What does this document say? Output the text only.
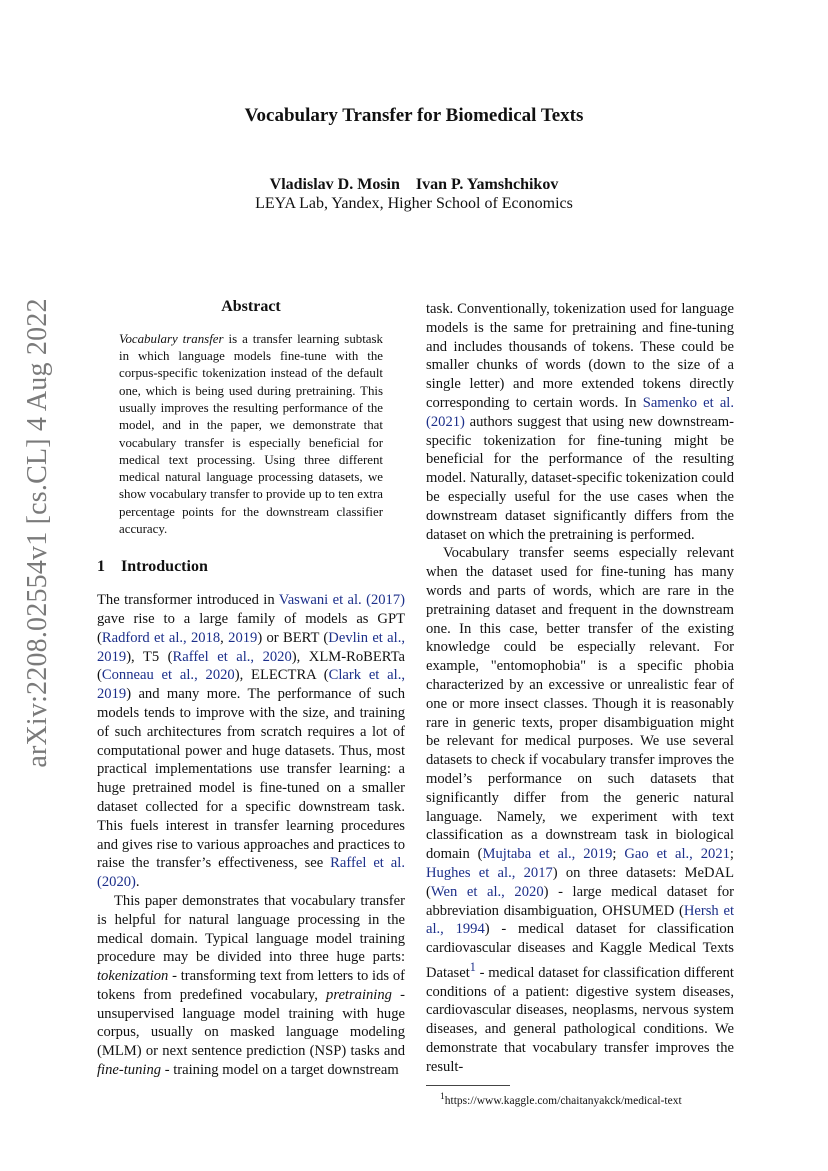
arXiv:2208.02554v1 [cs.CL] 4 Aug 2022
Vocabulary Transfer for Biomedical Texts
Vladislav D. Mosin Ivan P. Yamshchikov
LEYA Lab, Yandex, Higher School of Economics
Abstract

Vocabulary transfer is a transfer learning subtask in which language models fine-tune with the corpus-specific tokenization instead of the default one, which is being used during pretraining. This usually improves the resulting performance of the model, and in the paper, we demonstrate that vocabulary transfer is especially beneficial for medical text processing. Using three different medical natural language processing datasets, we show vocabulary transfer to provide up to ten extra percentage points for the downstream classifier accuracy.

1 Introduction

The transformer introduced in Vaswani et al. (2017) gave rise to a large family of models as GPT (Radford et al., 2018, 2019) or BERT (Devlin et al., 2019), T5 (Raffel et al., 2020), XLM-RoBERTa (Conneau et al., 2020), ELECTRA (Clark et al., 2019) and many more. The performance of such models tends to improve with the size, and training of such architectures from scratch requires a lot of computational power and huge datasets. Thus, most practical implementations use transfer learning: a huge pretrained model is fine-tuned on a smaller dataset collected for a specific downstream task. This fuels interest in transfer learning procedures and gives rise to various approaches and practices to raise the transfer’s effectiveness, see Raffel et al. (2020).

This paper demonstrates that vocabulary transfer is helpful for natural language processing in the medical domain. Typical language model training procedure may be divided into three huge parts: tokenization - transforming text from letters to ids of tokens from predefined vocabulary, pretraining - unsupervised language model training with huge corpus, usually on masked language modeling (MLM) or next sentence prediction (NSP) tasks and fine-tuning - training model on a target downstream

task. Conventionally, tokenization used for language models is the same for pretraining and fine-tuning and includes thousands of tokens. These could be smaller chunks of words (down to the size of a single letter) and more extended tokens directly corresponding to certain words. In Samenko et al. (2021) authors suggest that using new downstream-specific tokenization for fine-tuning might be beneficial for the performance of the resulting model. Naturally, dataset-specific tokenization could be especially useful for the use cases when the downstream dataset significantly differs from the dataset on which the pretraining is performed.

Vocabulary transfer seems especially relevant when the dataset used for fine-tuning has many words and parts of words, which are rare in the pretraining dataset and frequent in the downstream one. In this case, better transfer of the existing knowledge could be especially relevant. For example, "entomophobia" is a specific phobia characterized by an excessive or unrealistic fear of one or more insect classes. Though it is reasonably rare in generic texts, proper disambiguation might be relevant for medical purposes. We use several datasets to check if vocabulary transfer improves the model’s performance on such datasets that significantly differ from the generic natural language. Namely, we experiment with text classification as a downstream task in biological domain (Mujtaba et al., 2019; Gao et al., 2021; Hughes et al., 2017) on three datasets: MeDAL (Wen et al., 2020) - large medical dataset for abbreviation disambiguation, OHSUMED (Hersh et al., 1994) - medical dataset for classification cardiovascular diseases and Kaggle Medical Texts Dataset$^1$ - medical dataset for classification different conditions of a patient: digestive system diseases, cardiovascular diseases, neoplasms, nervous system diseases, and general pathological conditions. We demonstrate that vocabulary transfer improves the result-

$^1$https://www.kaggle.com/chaitanyakck/medical-text
